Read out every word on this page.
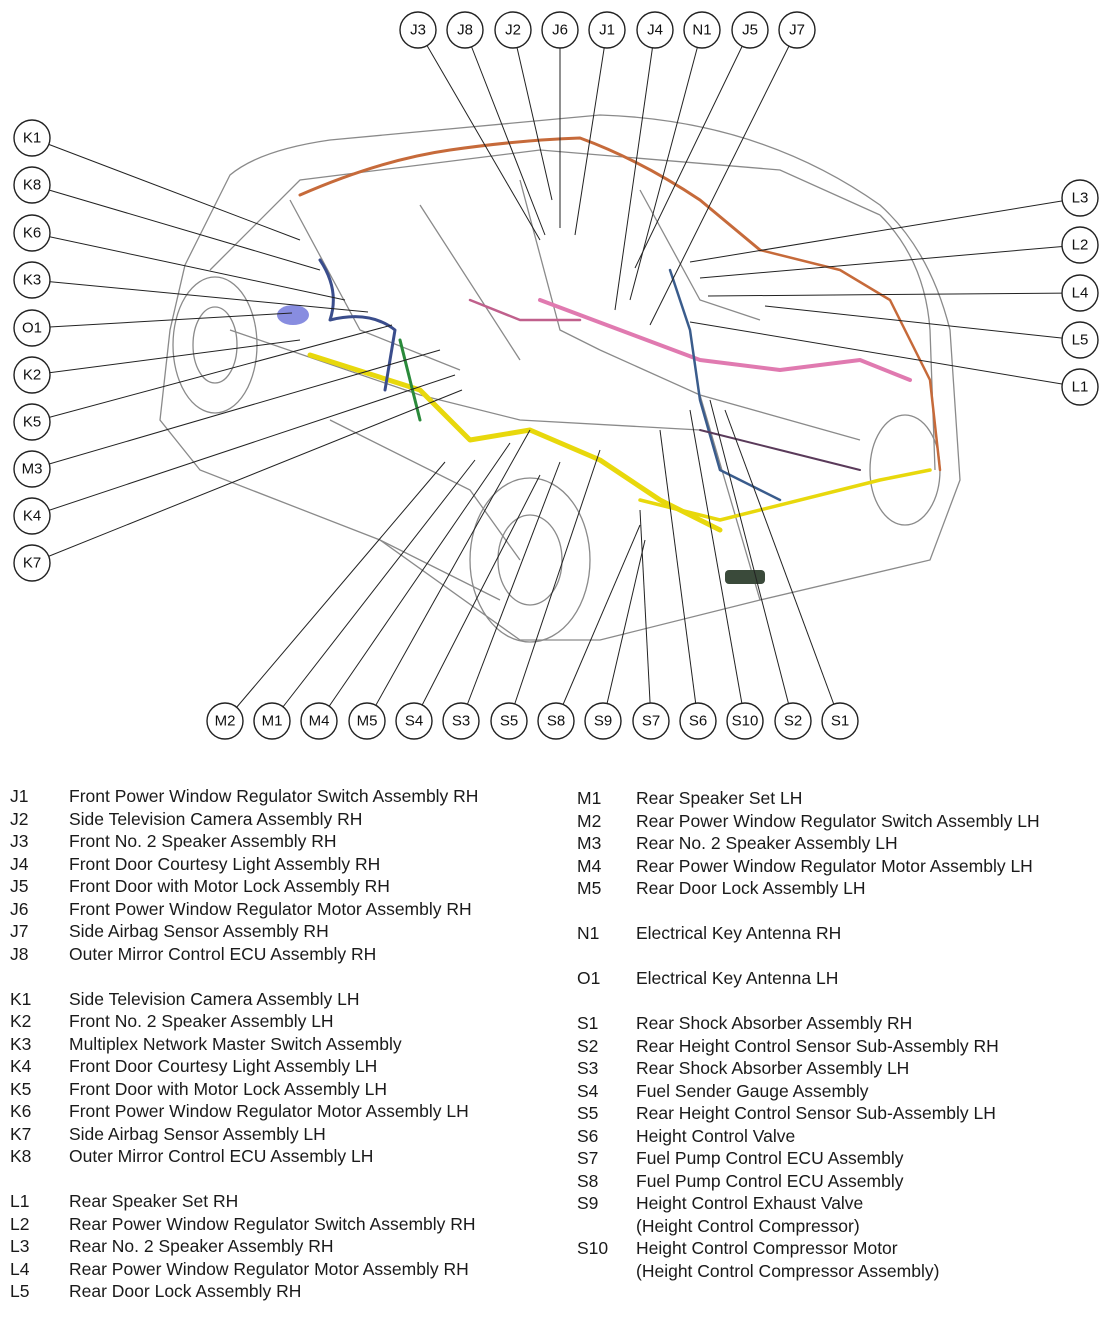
J3 J8 J2 J6 J1 J4 N1 J5 J7
K1
K8
K6
K3
O1
K2
K5
M3
K4
K7
L3
L2
L4
L5
L1
M2 M1 M4 M5 S4 S3 S5 S8 S9 S7 S6 S10 S2 S1
J1	Front Power Window Regulator Switch Assembly RH
J2	Side Television Camera Assembly RH
J3	Front No. 2 Speaker Assembly RH
J4	Front Door Courtesy Light Assembly RH
J5	Front Door with Motor Lock Assembly RH
J6	Front Power Window Regulator Motor Assembly RH
J7	Side Airbag Sensor Assembly RH
J8	Outer Mirror Control ECU Assembly RH
K1	Side Television Camera Assembly LH
K2	Front No. 2 Speaker Assembly LH
K3	Multiplex Network Master Switch Assembly
K4	Front Door Courtesy Light Assembly LH
K5	Front Door with Motor Lock Assembly LH
K6	Front Power Window Regulator Motor Assembly LH
K7	Side Airbag Sensor Assembly LH
K8	Outer Mirror Control ECU Assembly LH
L1	Rear Speaker Set RH
L2	Rear Power Window Regulator Switch Assembly RH
L3	Rear No. 2 Speaker Assembly RH
L4	Rear Power Window Regulator Motor Assembly RH
L5	Rear Door Lock Assembly RH
M1	Rear Speaker Set LH
M2	Rear Power Window Regulator Switch Assembly LH
M3	Rear No. 2 Speaker Assembly LH
M4	Rear Power Window Regulator Motor Assembly LH
M5	Rear Door Lock Assembly LH
N1	Electrical Key Antenna RH
O1	Electrical Key Antenna LH
S1	Rear Shock Absorber Assembly RH
S2	Rear Height Control Sensor Sub-Assembly RH
S3	Rear Shock Absorber Assembly LH
S4	Fuel Sender Gauge Assembly
S5	Rear Height Control Sensor Sub-Assembly LH
S6	Height Control Valve
S7	Fuel Pump Control ECU Assembly
S8	Fuel Pump Control ECU Assembly
S9	Height Control Exhaust Valve
(Height Control Compressor)
S10	Height Control Compressor Motor
(Height Control Compressor Assembly)
